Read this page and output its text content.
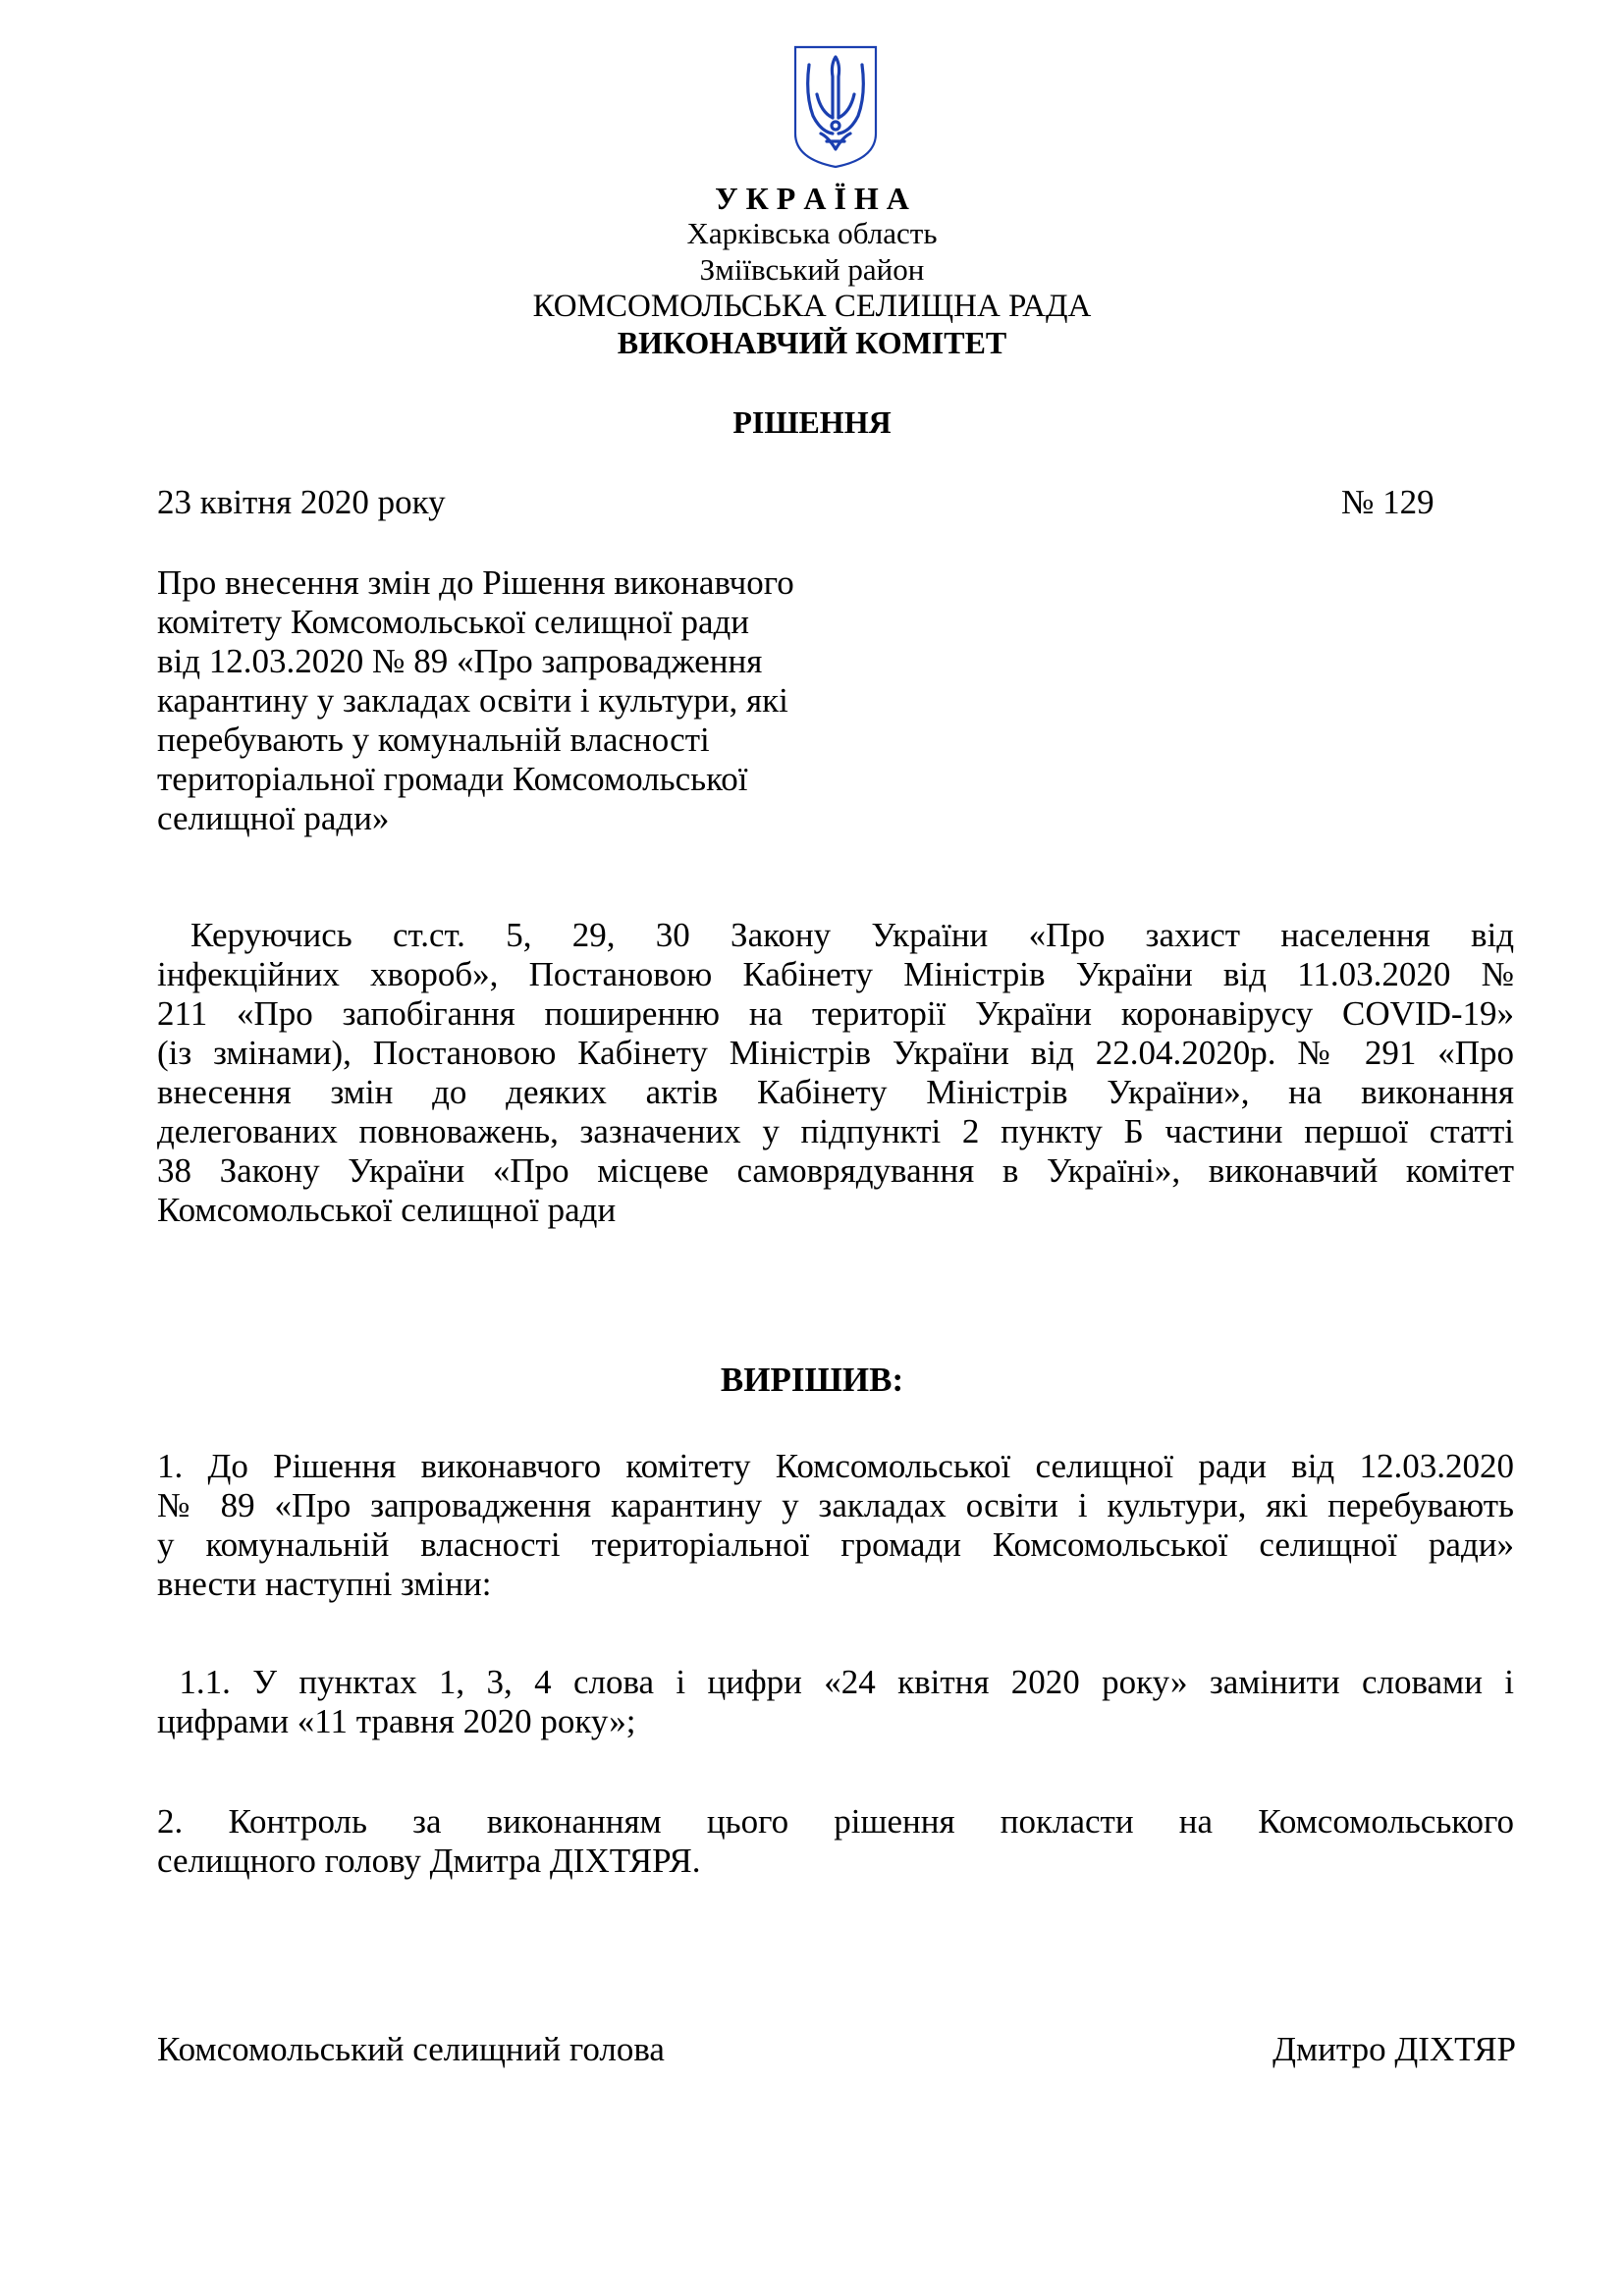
У К Р А Ї Н А
Харківська область
Зміївський район
КОМСОМОЛЬСЬКА СЕЛИЩНА РАДА
ВИКОНАВЧИЙ КОМІТЕТ
РІШЕННЯ
23 квітня 2020 року	№ 129
Про внесення змін до Рішення виконавчого
комітету Комсомольської селищної ради
від 12.03.2020 № 89 «Про запровадження
карантину у закладах освіти і культури, які
перебувають у комунальній власності
територіальної громади Комсомольської
селищної ради»
Керуючись ст.ст. 5, 29, 30 Закону України «Про захист населення від
інфекційних хвороб», Постановою Кабінету Міністрів України від 11.03.2020 №
211 «Про запобігання поширенню на території України коронавірусу COVID-19»
(із змінами), Постановою Кабінету Міністрів України від 22.04.2020р. № 291 «Про
внесення змін до деяких актів Кабінету Міністрів України», на виконання
делегованих повноважень, зазначених у підпункті 2 пункту Б частини першої статті
38 Закону України «Про місцеве самоврядування в Україні», виконавчий комітет
Комсомольської селищної ради
ВИРІШИВ:
1. До Рішення виконавчого комітету Комсомольської селищної ради від 12.03.2020
№ 89 «Про запровадження карантину у закладах освіти і культури, які перебувають
у комунальній власності територіальної громади Комсомольської селищної ради»
внести наступні зміни:
1.1. У пунктах 1, 3, 4 слова і цифри «24 квітня 2020 року» замінити словами і
цифрами «11 травня 2020 року»;
2. Контроль за виконанням цього рішення покласти на Комсомольського
селищного голову Дмитра ДІХТЯРЯ.
Комсомольський селищний голова	Дмитро ДІХТЯР
